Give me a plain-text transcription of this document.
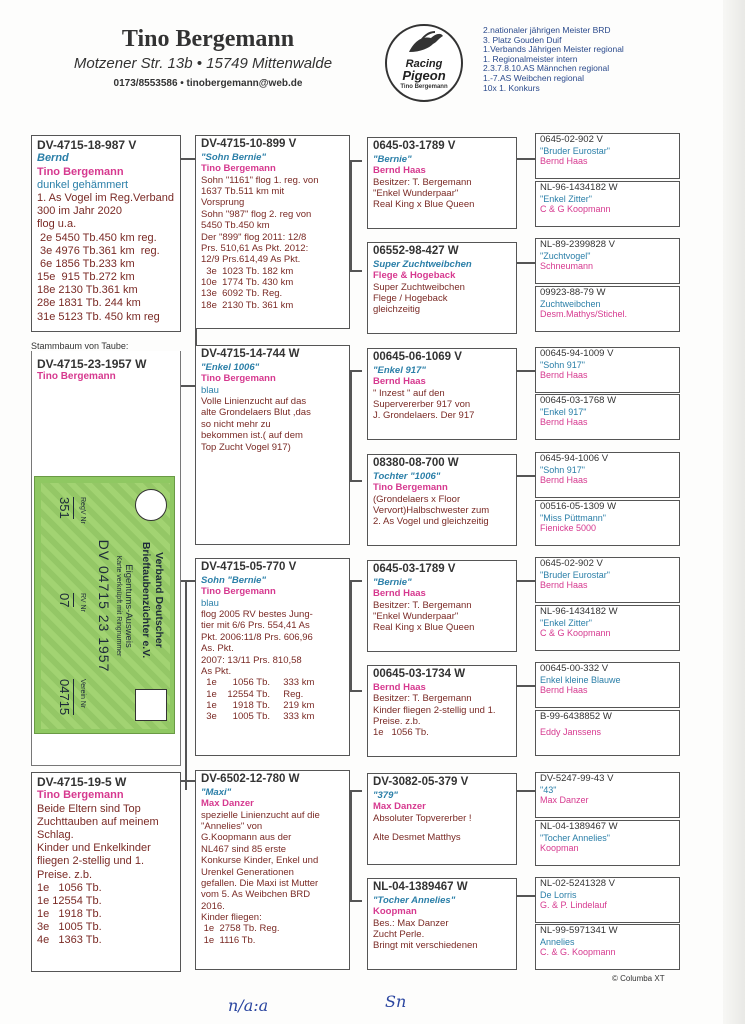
Tino Bergemann
Motzener Str. 13b • 15749 Mittenwalde
0173/8553586 • tinobergemann@web.de
Racing
Pigeon
Tino Bergemann
2.nationaler jährigen Meister BRD
3. Platz Gouden Duif
1.Verbands Jährigen Meister regional
1. Regionalmeister intern
2.3.7.8.10.AS Männchen regional
1.-7.AS Weibchen regional
10x 1. Konkurs
DV-4715-18-987 V
Bernd
Tino Bergemann
dunkel gehämmert
1. As Vogel im Reg.Verband
300 im Jahr 2020
flog u.a.
2e 5450 Tb.450 km reg.
3e 4976 Tb.361 km  reg.
6e 1856 Tb.233 km
15e  915 Tb.272 km
18e 2130 Tb.361 km
28e 1831 Tb. 244 km
31e 5123 Tb. 450 km reg
DV-4715-23-1957 W
Tino Bergemann
Stammbaum von Taube:
Verband Deutscher
Brieftaubenzüchter e.V.
Eigentums-Ausweis
Karte verknüpft mit Ringnummer
DV 04715 23 1957
RegV Nr
RV Nr
Verein Nr
351
07
04715
DV-4715-19-5 W
Tino Bergemann
Beide Eltern sind Top
Zuchttauben auf meinem
Schlag.
Kinder und Enkelkinder
fliegen 2-stellig und 1.
Preise. z.b.
1e   1056 Tb.
1e 12554 Tb.
1e   1918 Tb.
3e   1005 Tb.
4e   1363 Tb.
DV-4715-10-899 V
"Sohn Bernie"
Tino Bergemann
Sohn "1161" flog 1. reg. von
1637 Tb.511 km mit
Vorsprung
Sohn "987" flog 2. reg von
5450 Tb.450 km
Der "899" flog 2011: 12/8
Prs. 510,61 As Pkt. 2012:
12/9 Prs.614,49 As Pkt.
3e  1023 Tb. 182 km
10e  1774 Tb. 430 km
13e  6092 Tb. Reg.
18e  2130 Tb. 361 km
DV-4715-14-744 W
"Enkel 1006"
Tino Bergemann
blau
Volle Linienzucht auf das
alte Grondelaers Blut ,das
so nicht mehr zu
bekommen ist.( auf dem
Top Zucht Vogel 917)
DV-4715-05-770 V
Sohn "Bernie"
Tino Bergemann
blau
flog 2005 RV bestes Jung-
tier mit 6/6 Prs. 554,41 As
Pkt. 2006:11/8 Prs. 606,96
As. Pkt.
2007: 13/11 Prs. 810,58
As Pkt.
1e      1056 Tb.     333 km
1e    12554 Tb.     Reg.
1e      1918 Tb.     219 km
3e      1005 Tb.     333 km
DV-6502-12-780 W
"Maxi"
Max Danzer
spezielle Linienzucht auf die
"Annelies" von
G.Koopmann aus der
NL467 sind 85 erste
Konkurse Kinder, Enkel und
Urenkel Generationen
gefallen. Die Maxi ist Mutter
vom 5. As Weibchen BRD
2016.
Kinder fliegen:
1e  2758 Tb. Reg.
1e  1116 Tb.
0645-03-1789 V
"Bernie"
Bernd Haas
Besitzer: T. Bergemann
"Enkel Wunderpaar"
Real King x Blue Queen
06552-98-427 W
Super Zuchtweibchen
Flege & Hogeback
Super Zuchtweibchen
Flege / Hogeback
gleichzeitig
00645-06-1069 V
"Enkel 917"
Bernd Haas
" Inzest " auf den
Supervererber 917 von
J. Grondelaers. Der 917
08380-08-700 W
Tochter "1006"
Tino Bergemann
(Grondelaers x Floor
Vervort)Halbschwester zum
2. As Vogel und gleichzeitig
0645-03-1789 V
"Bernie"
Bernd Haas
Besitzer: T. Bergemann
"Enkel Wunderpaar"
Real King x Blue Queen
00645-03-1734 W
Bernd Haas
Besitzer: T. Bergemann
Kinder fliegen 2-stellig und 1.
Preise. z.b.
1e   1056 Tb.
DV-3082-05-379 V
"379"
Max Danzer
Absoluter Topvererber !
Alte Desmet Matthys
NL-04-1389467 W
"Tocher Annelies"
Koopman
Bes.: Max Danzer
Zucht Perle.
Bringt mit verschiedenen
0645-02-902 V
"Bruder Eurostar"
Bernd Haas
NL-96-1434182 W
"Enkel Zitter"
C & G Koopmann
NL-89-2399828 V
"Zuchtvogel"
Schneumann
09923-88-79 W
Zuchtweibchen
Desm.Mathys/Stichel.
00645-94-1009 V
"Sohn 917"
Bernd Haas
00645-03-1768 W
"Enkel 917"
Bernd Haas
0645-94-1006 V
"Sohn 917"
Bernd Haas
00516-05-1309 W
"Miss Püttmann"
Fienicke 5000
0645-02-902 V
"Bruder Eurostar"
Bernd Haas
NL-96-1434182 W
"Enkel Zitter"
C & G Koopmann
00645-00-332 V
Enkel kleine Blauwe
Bernd Haas
B-99-6438852 W
Eddy Janssens
DV-5247-99-43 V
"43"
Max Danzer
NL-04-1389467 W
"Tocher Annelies"
Koopman
NL-02-5241328 V
De Lorris
G. & P. Lindelauf
NL-99-5971341 W
Annelies
C. & G. Koopmann
© Columba XT
n/a:a	Sn
